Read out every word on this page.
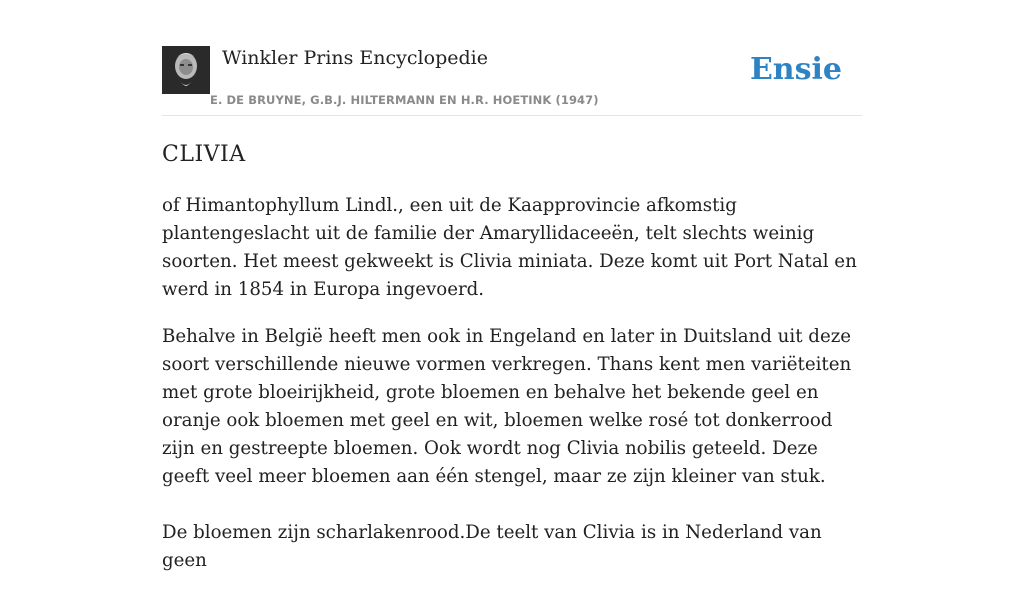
Winkler Prins Encyclopedie
E. DE BRUYNE, G.B.J. HILTERMANN EN H.R. HOETINK (1947)
Ensie
CLIVIA

of Himantophyllum Lindl., een uit de Kaapprovincie afkomstig plantengeslacht uit de familie der Amaryllidaceeën, telt slechts weinig soorten. Het meest gekweekt is Clivia miniata. Deze komt uit Port Natal en werd in 1854 in Europa ingevoerd.

Behalve in België heeft men ook in Engeland en later in Duitsland uit deze soort verschillende nieuwe vormen verkregen. Thans kent men variëteiten met grote bloeirijkheid, grote bloemen en behalve het bekende geel en oranje ook bloemen met geel en wit, bloemen welke rosé tot donkerrood zijn en gestreepte bloemen. Ook wordt nog Clivia nobilis geteeld. Deze geeft veel meer bloemen aan één stengel, maar ze zijn kleiner van stuk.

De bloemen zijn scharlakenrood.De teelt van Clivia is in Nederland van geen
